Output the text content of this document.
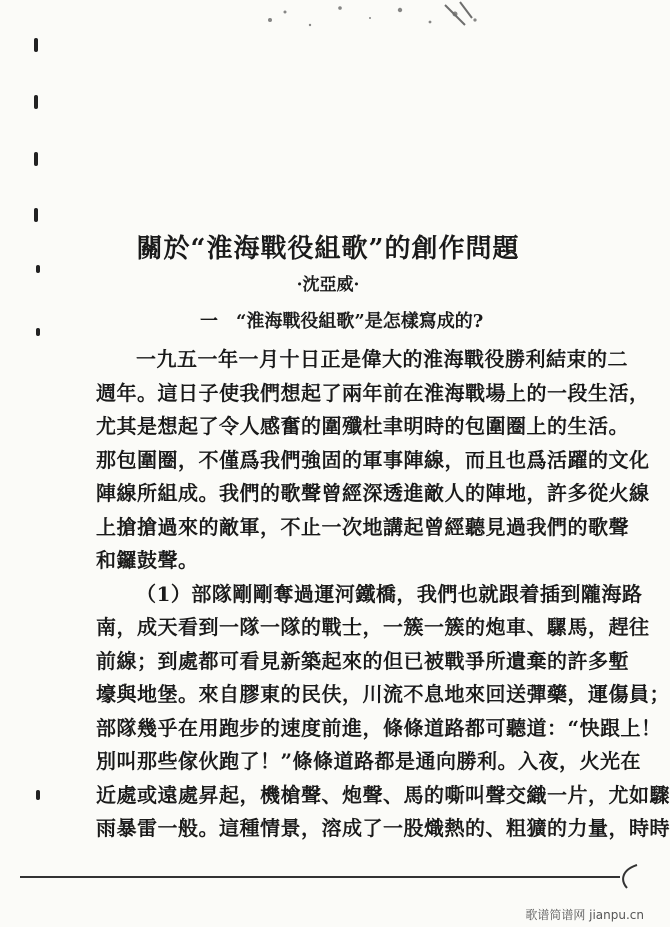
關於“淮海戰役組歌”的創作問題
·沈亞威·
一　“淮海戰役組歌”是怎樣寫成的?
一九五一年一月十日正是偉大的淮海戰役勝利結束的二
週年。這日子使我們想起了兩年前在淮海戰場上的一段生活，
尤其是想起了令人感奮的圍殲杜聿明時的包圍圈上的生活。
那包圍圈，不僅爲我們強固的軍事陣線，而且也爲活躍的文化
陣線所組成。我們的歌聲曾經深透進敵人的陣地，許多從火線
上搶搶過來的敵軍，不止一次地講起曾經聽見過我們的歌聲
和鑼鼓聲。
（1）部隊剛剛奪過運河鐵橋，我們也就跟着插到隴海路
南，成天看到一隊一隊的戰士，一簇一簇的炮車、騾馬，趕往
前線；到處都可看見新築起來的但已被戰爭所遺棄的許多塹
壕與地堡。來自膠東的民伕，川流不息地來回送彈藥，運傷員；
部隊幾乎在用跑步的速度前進，條條道路都可聽道：“快跟上！
別叫那些傢伙跑了！”條條道路都是通向勝利。入夜，火光在
近處或遠處昇起，機槍聲、炮聲、馬的嘶叫聲交織一片，尤如驟
雨暴雷一般。這種情景，溶成了一股熾熱的、粗獷的力量，時時
歌谱简谱网 jianpu.cn
